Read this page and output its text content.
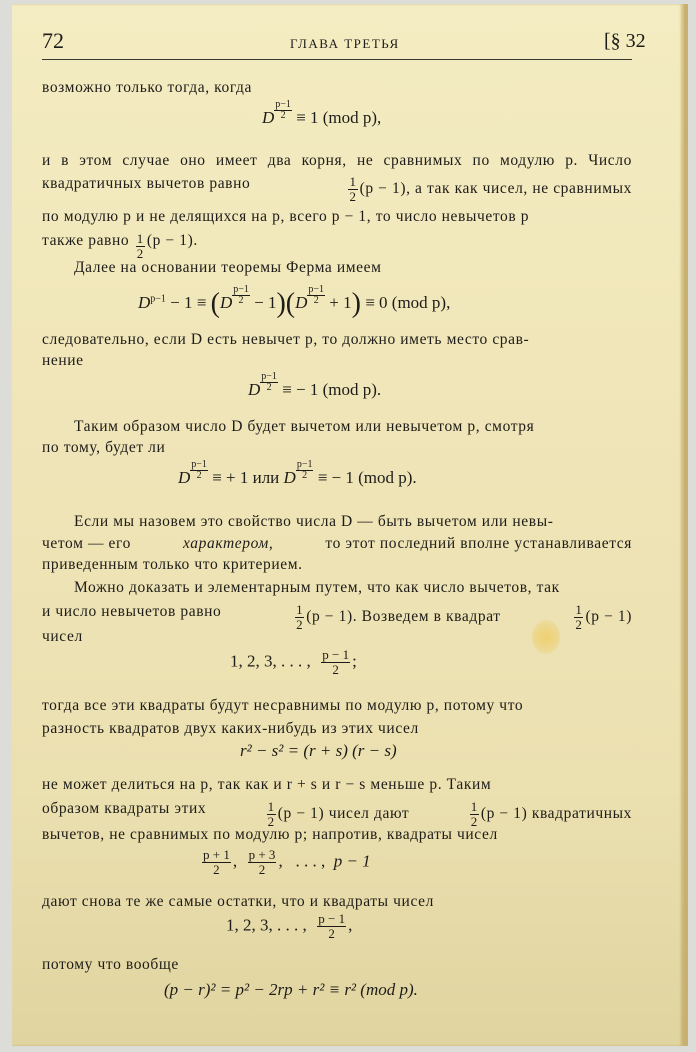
72	ГЛАВА ТРЕТЬЯ	[§ 32
возможно только тогда, когда
D $\frac{p-1}{2} \equiv 1$ (mod p),
и в этом случае оно имеет два корня, не сравнимых по модулю p. Число
квадратичных вычетов равно	$\frac{1}{2} (p - 1)$, а так как чисел, не сравнимых
по модулю p и не делящихся на p, всего p − 1, то число невычетов p
также равно
$\frac{1}{2} (p - 1)$.
Далее на основании теоремы Ферма имеем
$D^{p-1} - 1 \equiv (D \frac{p-1}{2} - 1)(D \frac{p-1}{2} + 1) \equiv 0$ (mod p),
следовательно, если D есть невычет p, то должно иметь место срав-
нение
D $\frac{p-1}{2}$ ≡ − 1 (mod p).
Таким образом число D будет вычетом или невычетом p, смотря
по тому, будет ли
D $\frac{p-1}{2}$ ≡ + 1 или D $\frac{p-1}{2}$ ≡ − 1 (mod p).
Если мы назовем это свойство числа D — быть вычетом или невы-
четом — его	характером,	то этот последний вполне устанавливается
приведенным только что критерием.
Можно доказать и элементарным путем, что как число вычетов, так
и число невычетов равно	$\frac{1}{2} (p - 1)$. Возведем в квадрат	$\frac{1}{2} (p - 1)$
чисел
1, 2, 3, . . . , $\frac{p - 1}{2}$ ;
тогда все эти квадраты будут несравнимы по модулю p, потому что
разность квадратов двух каких-нибудь из этих чисел
r² − s² = (r + s) (r − s)
не может делиться на p, так как и r + s и r − s меньше p. Таким
образом квадраты этих	$\frac{1}{2} (p - 1)$ чисел дают	$\frac{1}{2} (p - 1)$ квадратичных
вычетов, не сравнимых по модулю p; напротив, квадраты чисел
$\frac{p + 1}{2}$ , $\frac{p + 3}{2}$ , . . . , p − 1
дают снова те же самые остатки, что и квадраты чисел
1, 2, 3, . . . , $\frac{p - 1}{2}$ ,
потому что вообще
(p − r)² = p² − 2rp + r² ≡ r² (mod p).
